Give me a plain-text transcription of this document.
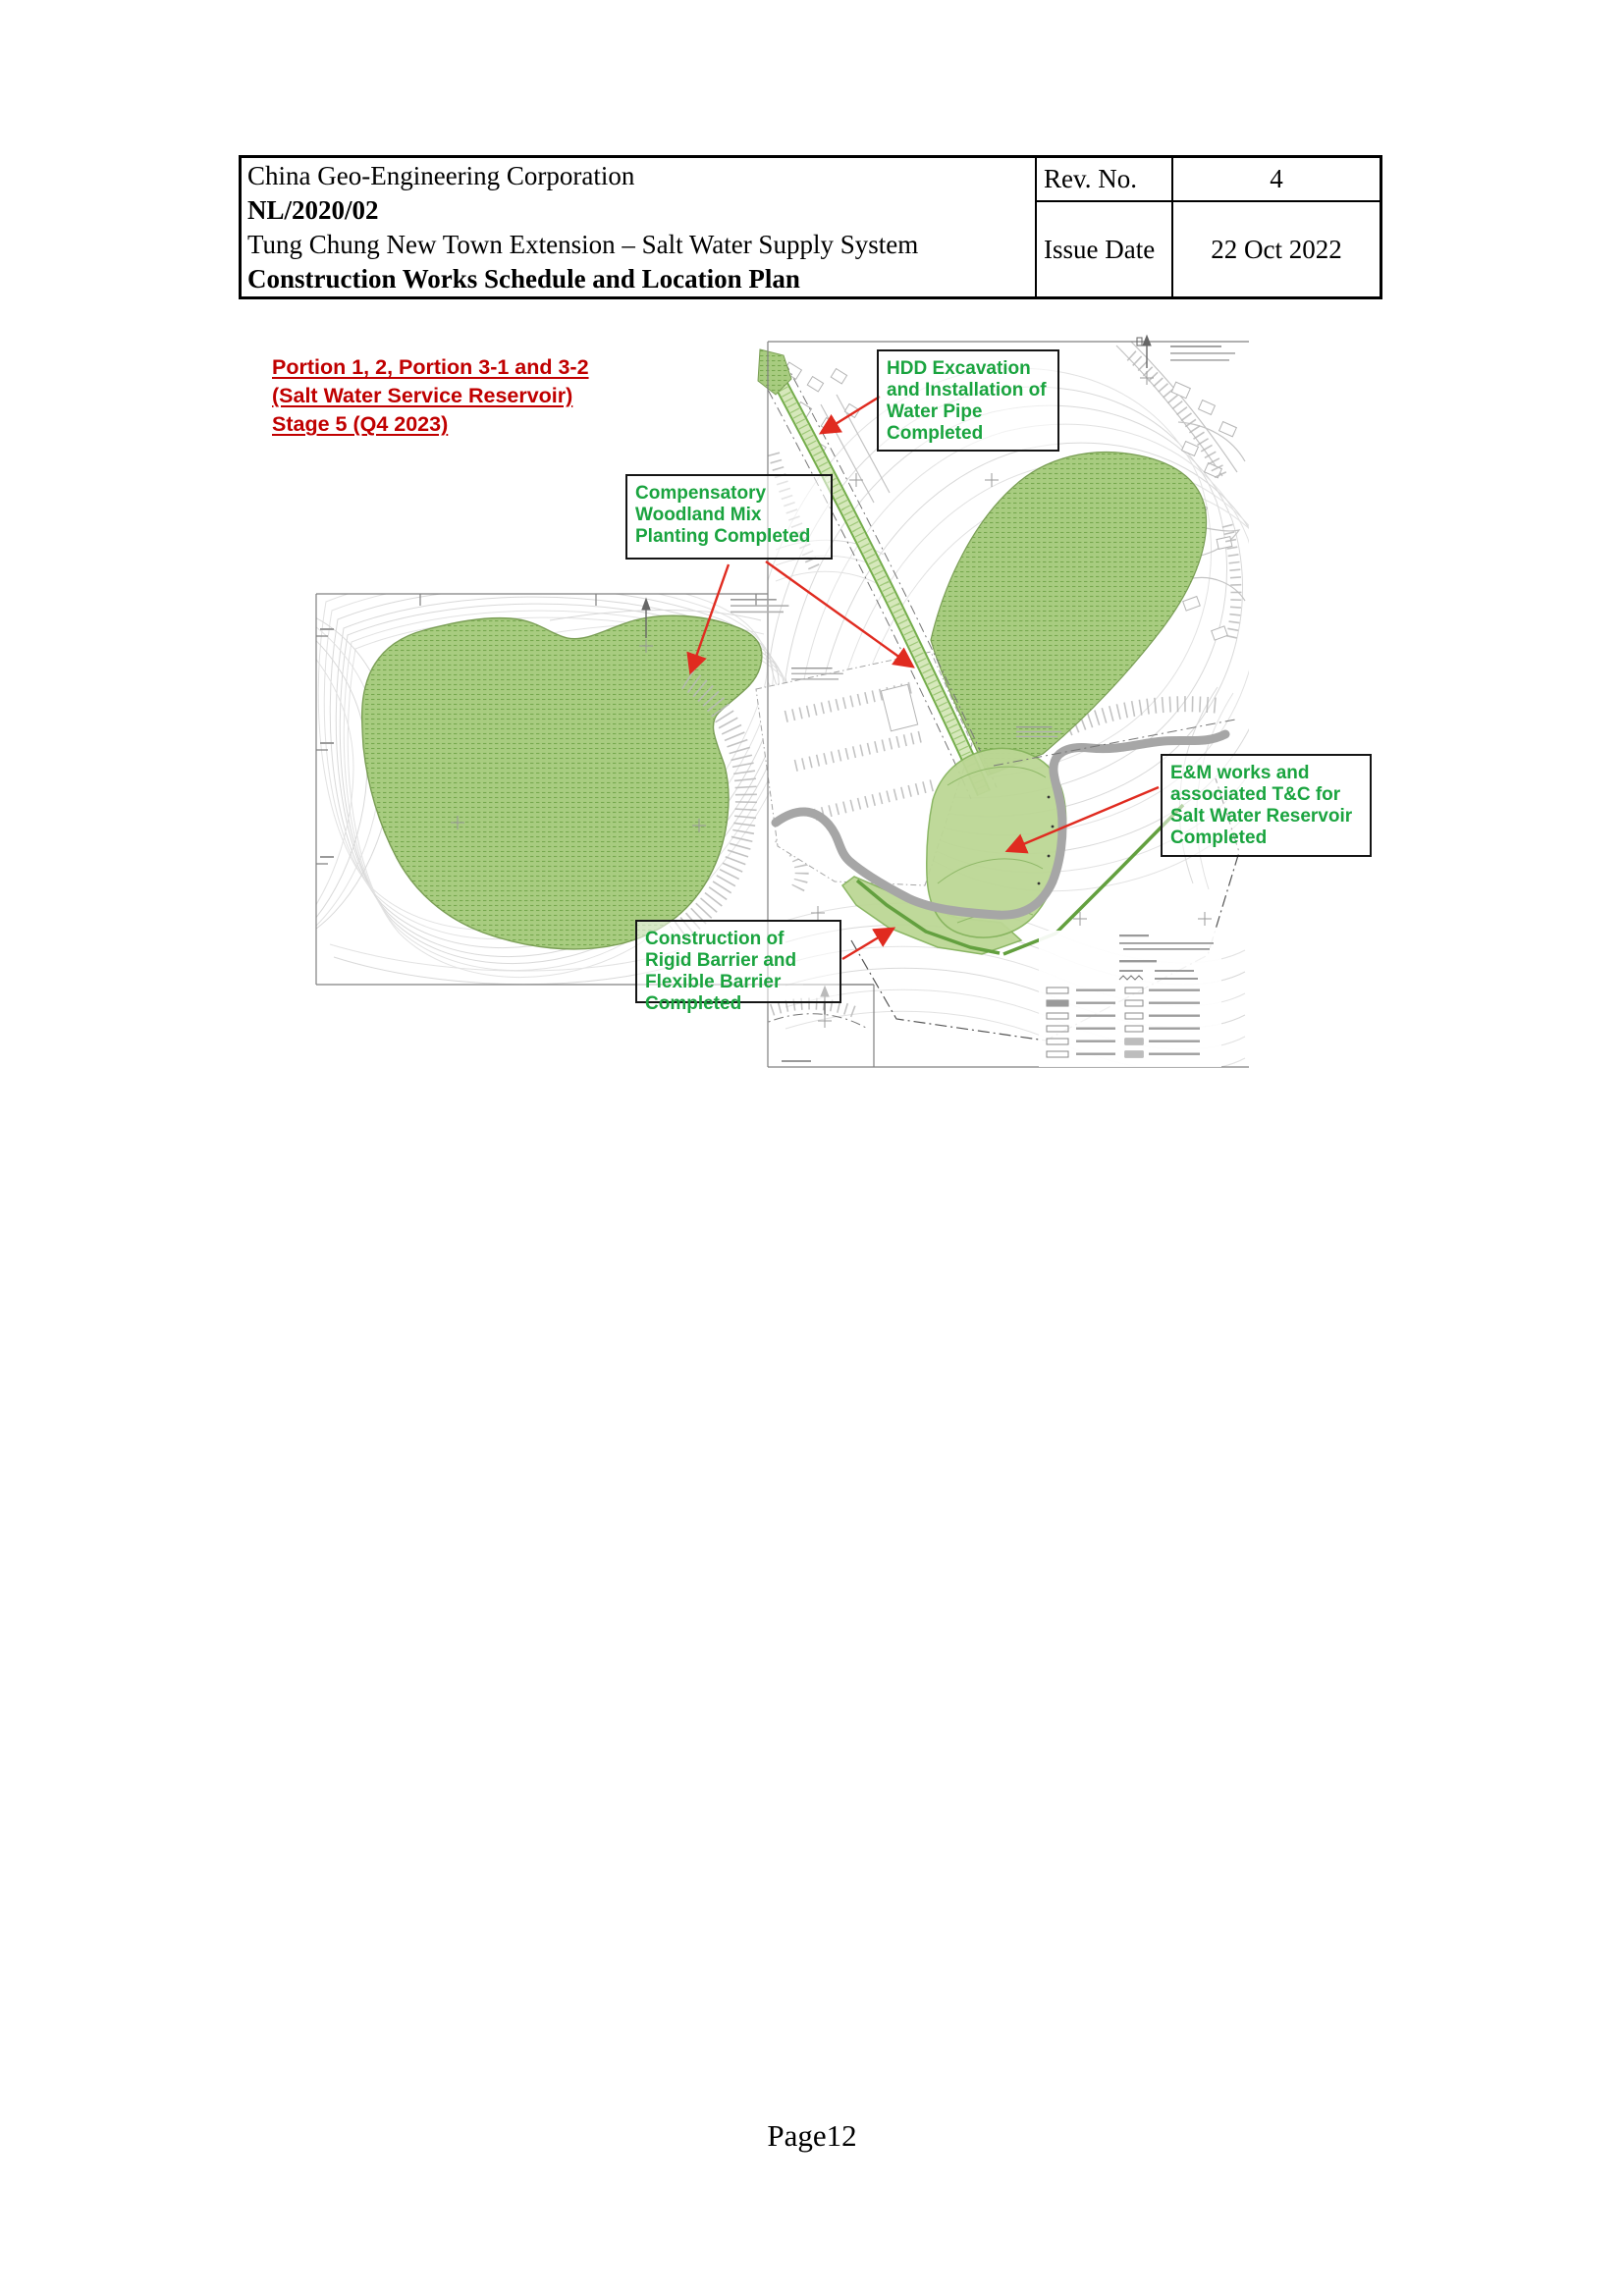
China Geo-Engineering Corporation
NL/2020/02
Tung Chung New Town Extension – Salt Water Supply System
Construction Works Schedule and Location Plan
Rev. No.	4
Issue Date	22 Oct 2022
Portion 1, 2, Portion 3-1 and 3-2
(Salt Water Service Reservoir)
Stage 5 (Q4 2023)
HDD Excavation and Installation of Water Pipe Completed
Compensatory Woodland Mix Planting Completed
E&M works and associated T&C for Salt Water Reservoir Completed
Construction of Rigid Barrier and Flexible Barrier Completed
Page12
